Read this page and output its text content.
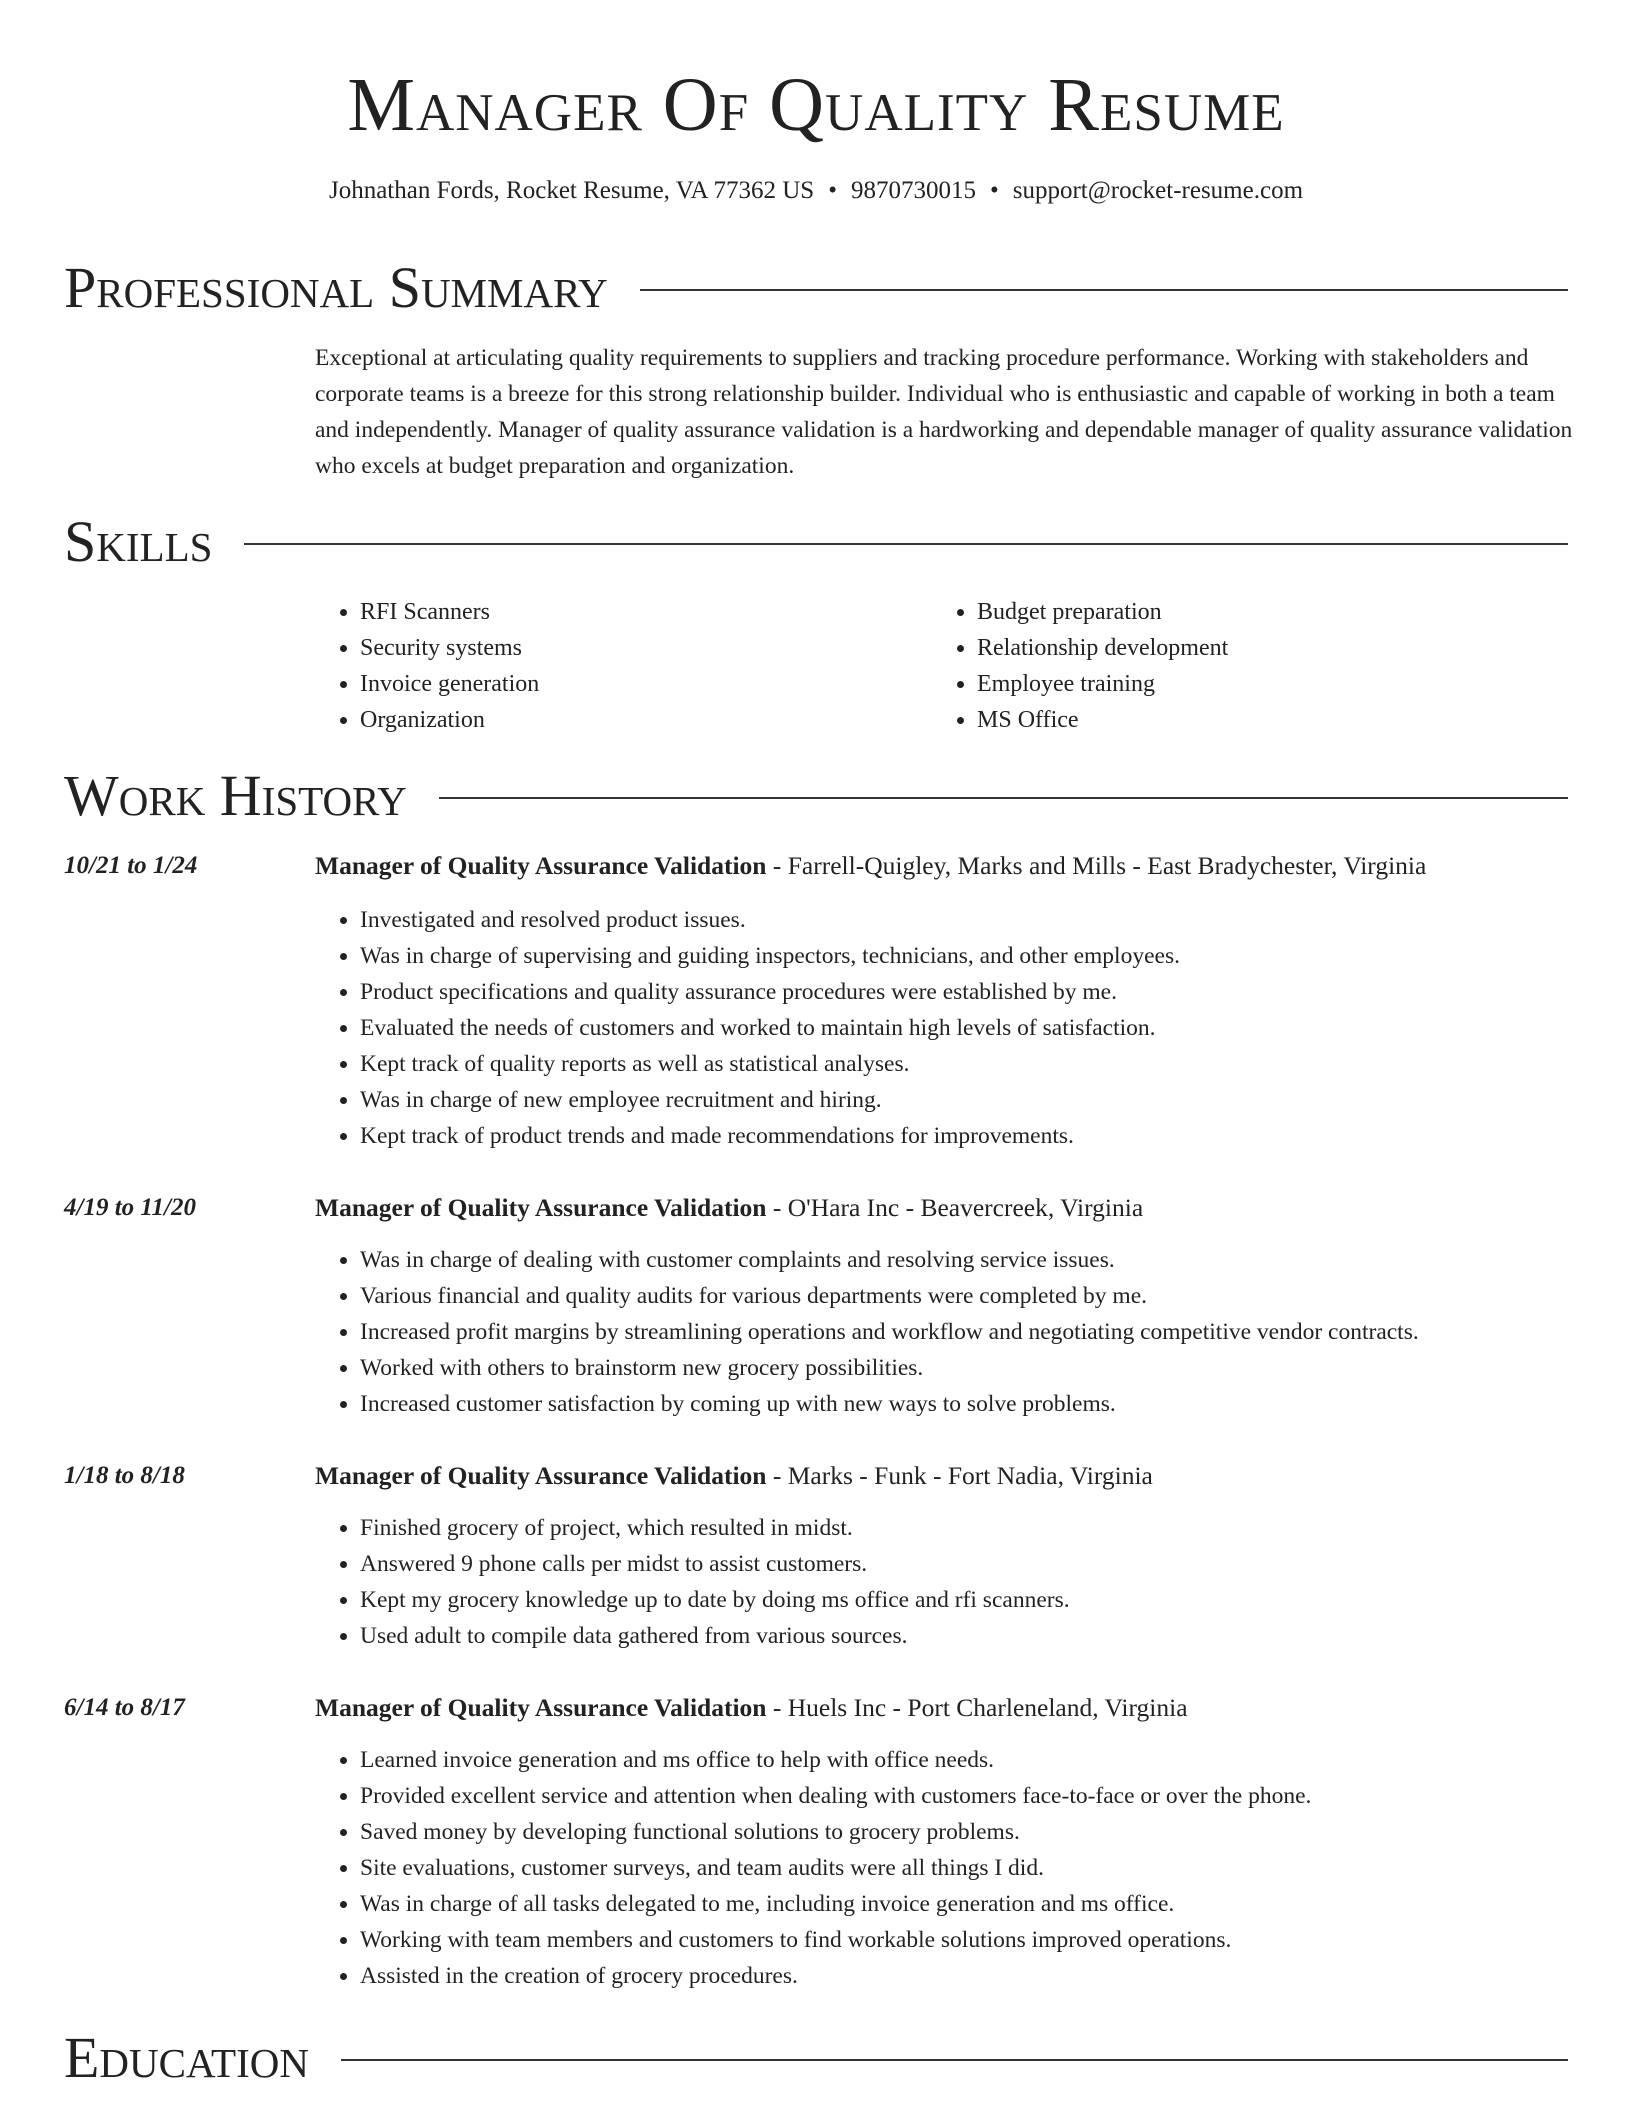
Manager Of Quality Resume
Johnathan Fords, Rocket Resume, VA 77362 US • 9870730015 • support@rocket-resume.com
Professional Summary

Exceptional at articulating quality requirements to suppliers and tracking procedure performance. Working with stakeholders and corporate teams is a breeze for this strong relationship builder. Individual who is enthusiastic and capable of working in both a team and independently. Manager of quality assurance validation is a hardworking and dependable manager of quality assurance validation who excels at budget preparation and organization.

Skills
• RFI Scanners
• Security systems
• Invoice generation
• Organization
• Budget preparation
• Relationship development
• Employee training
• MS Office
Work History
10/21 to 1/24	Manager of Quality Assurance Validation - Farrell-Quigley, Marks and Mills - East Bradychester, Virginia
• Investigated and resolved product issues.
• Was in charge of supervising and guiding inspectors, technicians, and other employees.
• Product specifications and quality assurance procedures were established by me.
• Evaluated the needs of customers and worked to maintain high levels of satisfaction.
• Kept track of quality reports as well as statistical analyses.
• Was in charge of new employee recruitment and hiring.
• Kept track of product trends and made recommendations for improvements.
4/19 to 11/20	Manager of Quality Assurance Validation - O'Hara Inc - Beavercreek, Virginia
• Was in charge of dealing with customer complaints and resolving service issues.
• Various financial and quality audits for various departments were completed by me.
• Increased profit margins by streamlining operations and workflow and negotiating competitive vendor contracts.
• Worked with others to brainstorm new grocery possibilities.
• Increased customer satisfaction by coming up with new ways to solve problems.
1/18 to 8/18	Manager of Quality Assurance Validation - Marks - Funk - Fort Nadia, Virginia
• Finished grocery of project, which resulted in midst.
• Answered 9 phone calls per midst to assist customers.
• Kept my grocery knowledge up to date by doing ms office and rfi scanners.
• Used adult to compile data gathered from various sources.
6/14 to 8/17	Manager of Quality Assurance Validation - Huels Inc - Port Charleneland, Virginia
• Learned invoice generation and ms office to help with office needs.
• Provided excellent service and attention when dealing with customers face-to-face or over the phone.
• Saved money by developing functional solutions to grocery problems.
• Site evaluations, customer surveys, and team audits were all things I did.
• Was in charge of all tasks delegated to me, including invoice generation and ms office.
• Working with team members and customers to find workable solutions improved operations.
• Assisted in the creation of grocery procedures.
Education
